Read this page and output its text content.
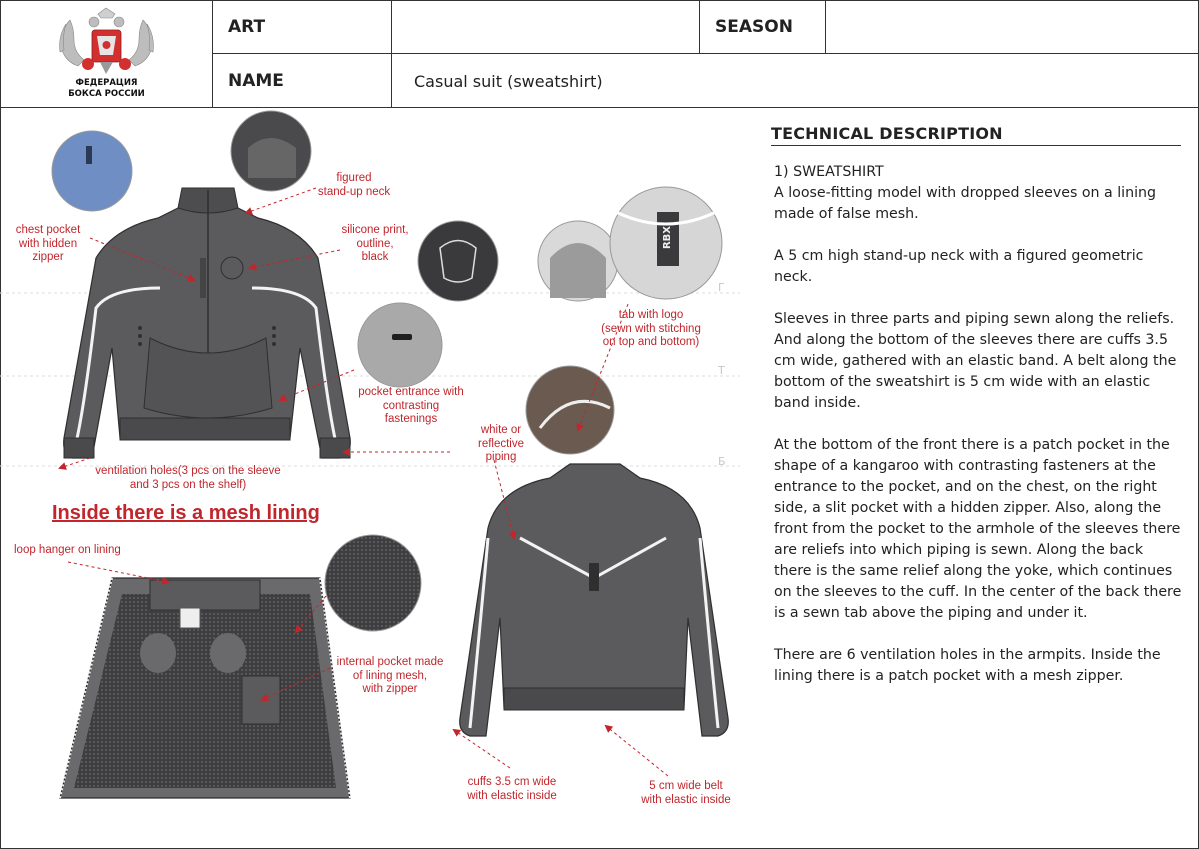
ФЕДЕРАЦИЯ
БОКСА РОССИИ
ART	SEASON
NAME	Casual suit (sweatshirt)
Г
Т
Б
RBX
chest pocket
with hidden
zipper
figured
stand-up neck
silicone print,
outline,
black
tab with logo
(sewn with stitching
on top and bottom)
pocket entrance with
contrasting
fastenings
white or
reflective
piping
ventilation holes(3 pcs on the sleeve
and 3 pcs on the shelf)
Inside there is a mesh lining
loop hanger on lining
internal pocket made
of lining mesh,
with zipper
cuffs 3.5 cm wide
with elastic inside
5 cm wide belt
with elastic inside
TECHNICAL DESCRIPTION

1) SWEATSHIRT

A loose-fitting model with dropped sleeves on a lining made of false mesh.

A 5 cm high stand-up neck with a figured geometric neck.

Sleeves in three parts and piping sewn along the reliefs. And along the bottom of the sleeves there are cuffs 3.5 cm wide, gathered with an elastic band. A belt along the bottom of the sweatshirt is 5 cm wide with an elastic band inside.

At the bottom of the front there is a patch pocket in the shape of a kangaroo with contrasting fasteners at the entrance to the pocket, and on the chest, on the right side, a slit pocket with a hidden zipper. Also, along the front from the pocket to the armhole of the sleeves there are reliefs into which piping is sewn. Along the back there is the same relief along the yoke, which continues on the sleeves to the cuff. In the center of the back there is a sewn tab above the piping and under it.

There are 6 ventilation holes in the armpits. Inside the lining there is a patch pocket with a mesh zipper.
